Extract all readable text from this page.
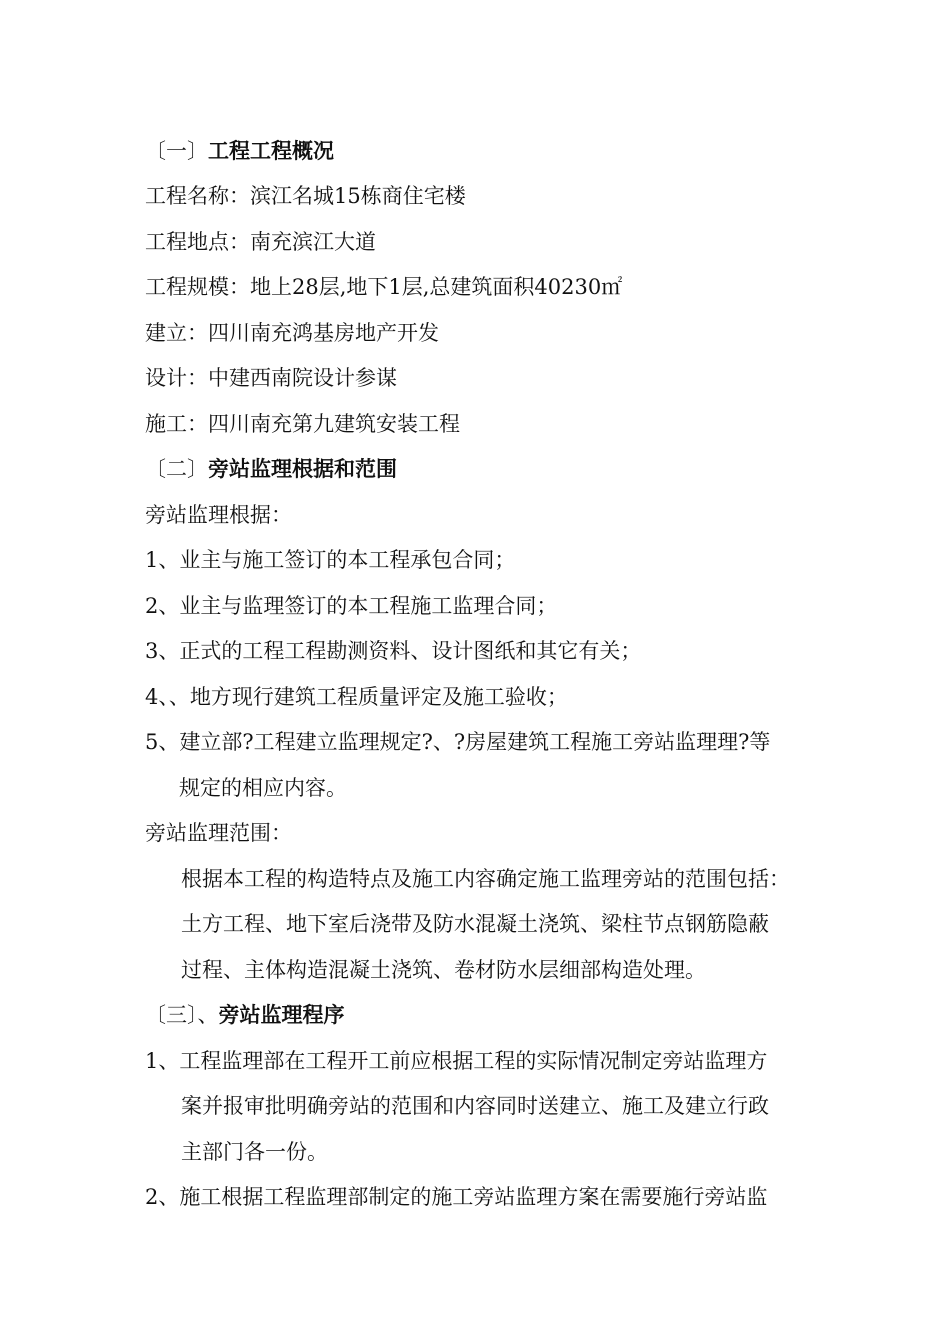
〔一〕工程工程概况
工程名称：滨江名城15栋商住宅楼
工程地点：南充滨江大道
工程规模：地上28层,地下1层,总建筑面积40230㎡
建立：四川南充鸿基房地产开发
设计：中建西南院设计参谋
施工：四川南充第九建筑安装工程
〔二〕旁站监理根据和范围
旁站监理根据：
1、业主与施工签订的本工程承包合同；
2、业主与监理签订的本工程施工监理合同；
3、正式的工程工程勘测资料、设计图纸和其它有关；
4、、地方现行建筑工程质量评定及施工验收；
5、建立部?工程建立监理规定?、?房屋建筑工程施工旁站监理理?等
规定的相应内容。
旁站监理范围：
根据本工程的构造特点及施工内容确定施工监理旁站的范围包括：
土方工程、地下室后浇带及防水混凝土浇筑、梁柱节点钢筋隐蔽
过程、主体构造混凝土浇筑、卷材防水层细部构造处理。
〔三〕、旁站监理程序
1、工程监理部在工程开工前应根据工程的实际情况制定旁站监理方
案并报审批明确旁站的范围和内容同时送建立、施工及建立行政
主部门各一份。
2、施工根据工程监理部制定的施工旁站监理方案在需要施行旁站监
